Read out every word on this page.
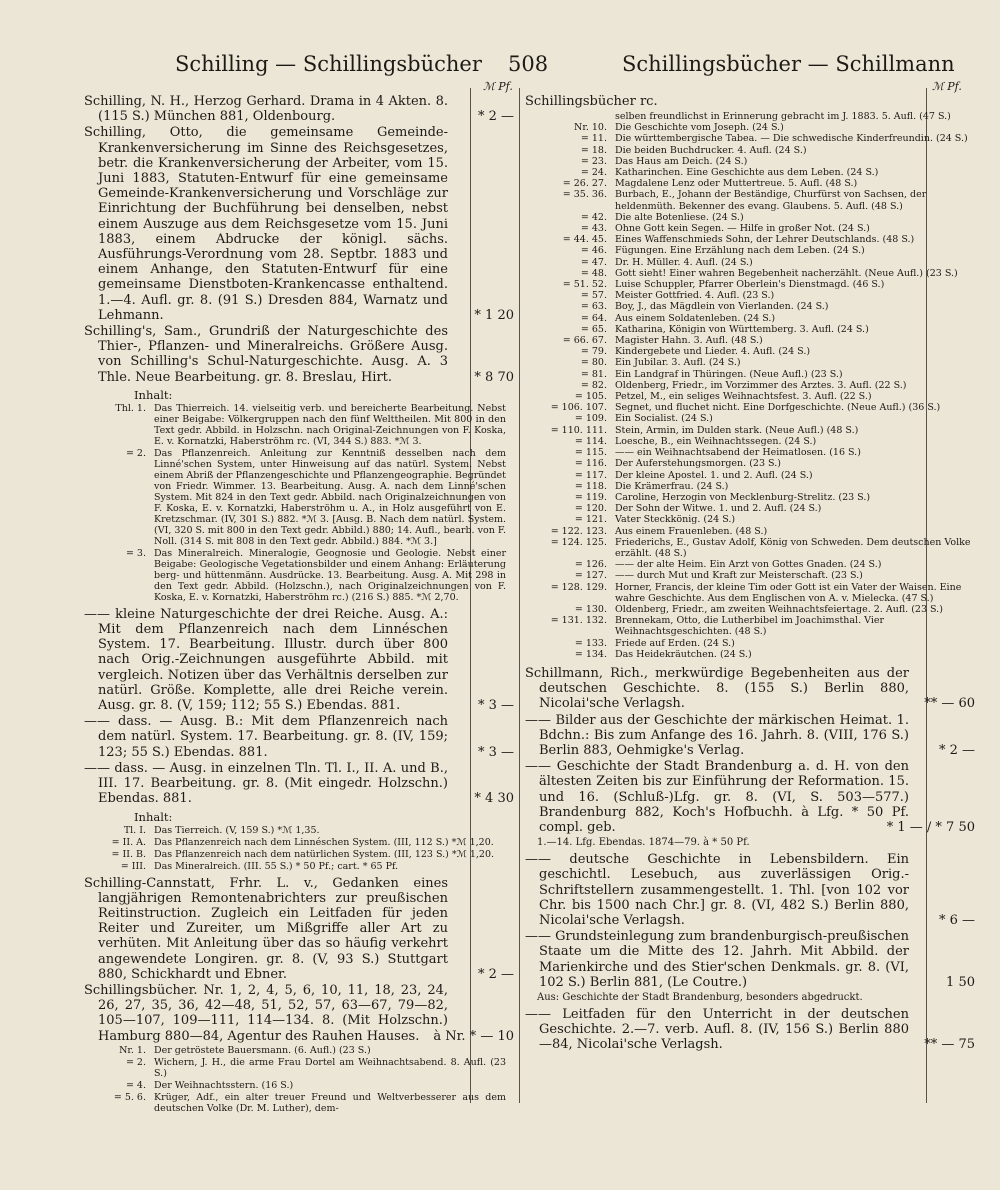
Schilling — Schillingsbücher 508	Schillingsbücher — Schillmann
ℳ Pf.	ℳ Pf.
Schilling, N. H., Herzog Gerhard. Drama in 4 Akten. 8. (115 S.) München 881, Oldenbourg.	* 2 —
Schilling, Otto, die gemeinsame Gemeinde-Krankenversicherung im Sinne des Reichsgesetzes, betr. die Krankenversicherung der Arbeiter, vom 15. Juni 1883, Statuten-Entwurf für eine gemeinsame Gemeinde-Krankenversicherung und Vorschläge zur Einrichtung der Buchführung bei denselben, nebst einem Auszuge aus dem Reichsgesetze vom 15. Juni 1883, einem Abdrucke der königl. sächs. Ausführungs-Verordnung vom 28. Septbr. 1883 und einem Anhange, den Statuten-Entwurf für eine gemeinsame Dienstboten-Krankencasse enthaltend. 1.—4. Aufl. gr. 8. (91 S.) Dresden 884, Warnatz und Lehmann.	* 1 20
Schilling's, Sam., Grundriß der Naturgeschichte des Thier-, Pflanzen- und Mineralreichs. Größere Ausg. von Schilling's Schul-Naturgeschichte. Ausg. A. 3 Thle. Neue Bearbeitung. gr. 8. Breslau, Hirt.	* 8 70
Inhalt:
Thl. 1. Das Thierreich. 14. vielseitig verb. und bereicherte Bearbeitung. Nebst einer Beigabe: Völkergruppen nach den fünf Welttheilen. Mit 800 in den Text gedr. Abbild. in Holzschn. nach Original-Zeichnungen von F. Koska, E. v. Kornatzki, Haberströhm rc. (VI, 344 S.) 883. *ℳ 3.
= 2. Das Pflanzenreich. Anleitung zur Kenntniß desselben nach dem Linné'schen System, unter Hinweisung auf das natürl. System. Nebst einem Abriß der Pflanzengeschichte und Pflanzengeographie. Begründet von Friedr. Wimmer. 13. Bearbeitung. Ausg. A. nach dem Linné'schen System. Mit 824 in den Text gedr. Abbild. nach Originalzeichnungen von F. Koska, E. v. Kornatzki, Haberströhm u. A., in Holz ausgeführt von E. Kretzschmar. (IV, 301 S.) 882. *ℳ 3. [Ausg. B. Nach dem natürl. System. (VI, 320 S. mit 800 in den Text gedr. Abbild.) 880; 14. Aufl., bearb. von F. Noll. (314 S. mit 808 in den Text gedr. Abbild.) 884. *ℳ 3.]
= 3. Das Mineralreich. Mineralogie, Geognosie und Geologie. Nebst einer Beigabe: Geologische Vegetationsbilder und einem Anhang: Erläuterung berg- und hüttenmänn. Ausdrücke. 13. Bearbeitung. Ausg. A. Mit 298 in den Text gedr. Abbild. (Holzschn.), nach Originalzeichnungen von F. Koska, E. v. Kornatzki, Haberströhm rc.) (216 S.) 885. *ℳ 2,70.
—— kleine Naturgeschichte der drei Reiche. Ausg. A.: Mit dem Pflanzenreich nach dem Linnéschen System. 17. Bearbeitung. Illustr. durch über 800 nach Orig.-Zeichnungen ausgeführte Abbild. mit vergleich. Notizen über das Verhältnis derselben zur natürl. Größe. Komplette, alle drei Reiche verein. Ausg. gr. 8. (V, 159; 112; 55 S.) Ebendas. 881.	* 3 —
—— dass. — Ausg. B.: Mit dem Pflanzenreich nach dem natürl. System. 17. Bearbeitung. gr. 8. (IV, 159; 123; 55 S.) Ebendas. 881.	* 3 —
—— dass. — Ausg. in einzelnen Tln. Tl. I., II. A. und B., III. 17. Bearbeitung. gr. 8. (Mit eingedr. Holzschn.) Ebendas. 881.	* 4 30
Inhalt:
Tl. I. Das Tierreich. (V, 159 S.) *ℳ 1,35.
= II. A. Das Pflanzenreich nach dem Linnéschen System. (III, 112 S.) *ℳ 1,20.
= II. B. Das Pflanzenreich nach dem natürlichen System. (III, 123 S.) *ℳ 1,20.
= III. Das Mineralreich. (III. 55 S.) * 50 Pf.; cart. * 65 Pf.
Schilling-Cannstatt, Frhr. L. v., Gedanken eines langjährigen Remontenabrichters zur preußischen Reitinstruction. Zugleich ein Leitfaden für jeden Reiter und Zureiter, um Mißgriffe aller Art zu verhüten. Mit Anleitung über das so häufig verkehrt angewendete Longiren. gr. 8. (V, 93 S.) Stuttgart 880, Schickhardt und Ebner.	* 2 —
Schillingsbücher. Nr. 1, 2, 4, 5, 6, 10, 11, 18, 23, 24, 26, 27, 35, 36, 42—48, 51, 52, 57, 63—67, 79—82, 105—107, 109—111, 114—134. 8. (Mit Holzschn.) Hamburg 880—84, Agentur des Rauhen Hauses. à Nr. * — 10
Nr. 1. Der getröstete Bauersmann. (6. Aufl.) (23 S.)
= 2. Wichern, J. H., die arme Frau Dortel am Weihnachtsabend. 8. Aufl. (23 S.)
= 4. Der Weihnachtsstern. (16 S.)
= 5. 6. Krüger, Adf., ein alter treuer Freund und Weltverbesserer aus dem deutschen Volke (Dr. M. Luther), dem-
Schillingsbücher rc.
selben freundlichst in Erinnerung gebracht im J. 1883. 5. Aufl. (47 S.)
Nr. 10. Die Geschichte vom Joseph. (24 S.)
= 11. Die württembergische Tabea. — Die schwedische Kinderfreundin. (24 S.)
= 18. Die beiden Buchdrucker. 4. Aufl. (24 S.)
= 23. Das Haus am Deich. (24 S.)
= 24. Katharinchen. Eine Geschichte aus dem Leben. (24 S.)
= 26. 27. Magdalene Lenz oder Muttertreue. 5. Aufl. (48 S.)
= 35. 36. Burbach, E., Johann der Beständige, Churfürst von Sachsen, der heldenmüth. Bekenner des evang. Glaubens. 5. Aufl. (48 S.)
= 42. Die alte Botenliese. (24 S.)
= 43. Ohne Gott kein Segen. — Hilfe in großer Not. (24 S.)
= 44. 45. Eines Waffenschmieds Sohn, der Lehrer Deutschlands. (48 S.)
= 46. Fügungen. Eine Erzählung nach dem Leben. (24 S.)
= 47. Dr. H. Müller. 4. Aufl. (24 S.)
= 48. Gott sieht! Einer wahren Begebenheit nacherzählt. (Neue Aufl.) (23 S.)
= 51. 52. Luise Schuppler, Pfarrer Oberlein's Dienstmagd. (46 S.)
= 57. Meister Gottfried. 4. Aufl. (23 S.)
= 63. Boy, J., das Mägdlein von Vierlanden. (24 S.)
= 64. Aus einem Soldatenleben. (24 S.)
= 65. Katharina, Königin von Württemberg. 3. Aufl. (24 S.)
= 66. 67. Magister Hahn. 3. Aufl. (48 S.)
= 79. Kindergebete und Lieder. 4. Aufl. (24 S.)
= 80. Ein Jubilar. 3. Aufl. (24 S.)
= 81. Ein Landgraf in Thüringen. (Neue Aufl.) (23 S.)
= 82. Oldenberg, Friedr., im Vorzimmer des Arztes. 3. Aufl. (22 S.)
= 105. Petzel, M., ein seliges Weihnachtsfest. 3. Aufl. (22 S.)
= 106. 107. Segnet, und fluchet nicht. Eine Dorfgeschichte. (Neue Aufl.) (36 S.)
= 109. Ein Socialist. (24 S.)
= 110. 111. Stein, Armin, im Dulden stark. (Neue Aufl.) (48 S.)
= 114. Loesche, B., ein Weihnachtssegen. (24 S.)
= 115. —— ein Weihnachtsabend der Heimatlosen. (16 S.)
= 116. Der Auferstehungsmorgen. (23 S.)
= 117. Der kleine Apostel. 1. und 2. Aufl. (24 S.)
= 118. Die Krämerfrau. (24 S.)
= 119. Caroline, Herzogin von Mecklenburg-Strelitz. (23 S.)
= 120. Der Sohn der Witwe. 1. und 2. Aufl. (24 S.)
= 121. Vater Steckkönig. (24 S.)
= 122. 123. Aus einem Frauenleben. (48 S.)
= 124. 125. Friederichs, E., Gustav Adolf, König von Schweden. Dem deutschen Volke erzählt. (48 S.)
= 126. —— der alte Heim. Ein Arzt von Gottes Gnaden. (24 S.)
= 127. —— durch Mut und Kraft zur Meisterschaft. (23 S.)
= 128. 129. Horner, Francis, der kleine Tim oder Gott ist ein Vater der Waisen. Eine wahre Geschichte. Aus dem Englischen von A. v. Mielecka. (47 S.)
= 130. Oldenberg, Friedr., am zweiten Weihnachtsfeiertage. 2. Aufl. (23 S.)
= 131. 132. Brennekam, Otto, die Lutherbibel im Joachimsthal. Vier Weihnachtsgeschichten. (48 S.)
= 133. Friede auf Erden. (24 S.)
= 134. Das Heidekräutchen. (24 S.)
Schillmann, Rich., merkwürdige Begebenheiten aus der deutschen Geschichte. 8. (155 S.) Berlin 880, Nicolai'sche Verlagsh.	** — 60
—— Bilder aus der Geschichte der märkischen Heimat. 1. Bdchn.: Bis zum Anfange des 16. Jahrh. 8. (VIII, 176 S.) Berlin 883, Oehmigke's Verlag.	* 2 —
—— Geschichte der Stadt Brandenburg a. d. H. von den ältesten Zeiten bis zur Einführung der Reformation. 15. und 16. (Schluß-)Lfg. gr. 8. (VI, S. 503—577.) Brandenburg 882, Koch's Hofbuchh. à Lfg. * 50 Pf. compl. geb.	* 1 — / * 7 50
1.—14. Lfg. Ebendas. 1874—79. à * 50 Pf.
—— deutsche Geschichte in Lebensbildern. Ein geschichtl. Lesebuch, aus zuverlässigen Orig.-Schriftstellern zusammengestellt. 1. Thl. [von 102 vor Chr. bis 1500 nach Chr.] gr. 8. (VI, 482 S.) Berlin 880, Nicolai'sche Verlagsh.	* 6 —
—— Grundsteinlegung zum brandenburgisch-preußischen Staate um die Mitte des 12. Jahrh. Mit Abbild. der Marienkirche und des Stier'schen Denkmals. gr. 8. (VI, 102 S.) Berlin 881, (Le Coutre.)	1 50
Aus: Geschichte der Stadt Brandenburg, besonders abgedruckt.
—— Leitfaden für den Unterricht in der deutschen Geschichte. 2.—7. verb. Aufl. 8. (IV, 156 S.) Berlin 880—84, Nicolai'sche Verlagsh.	** — 75
